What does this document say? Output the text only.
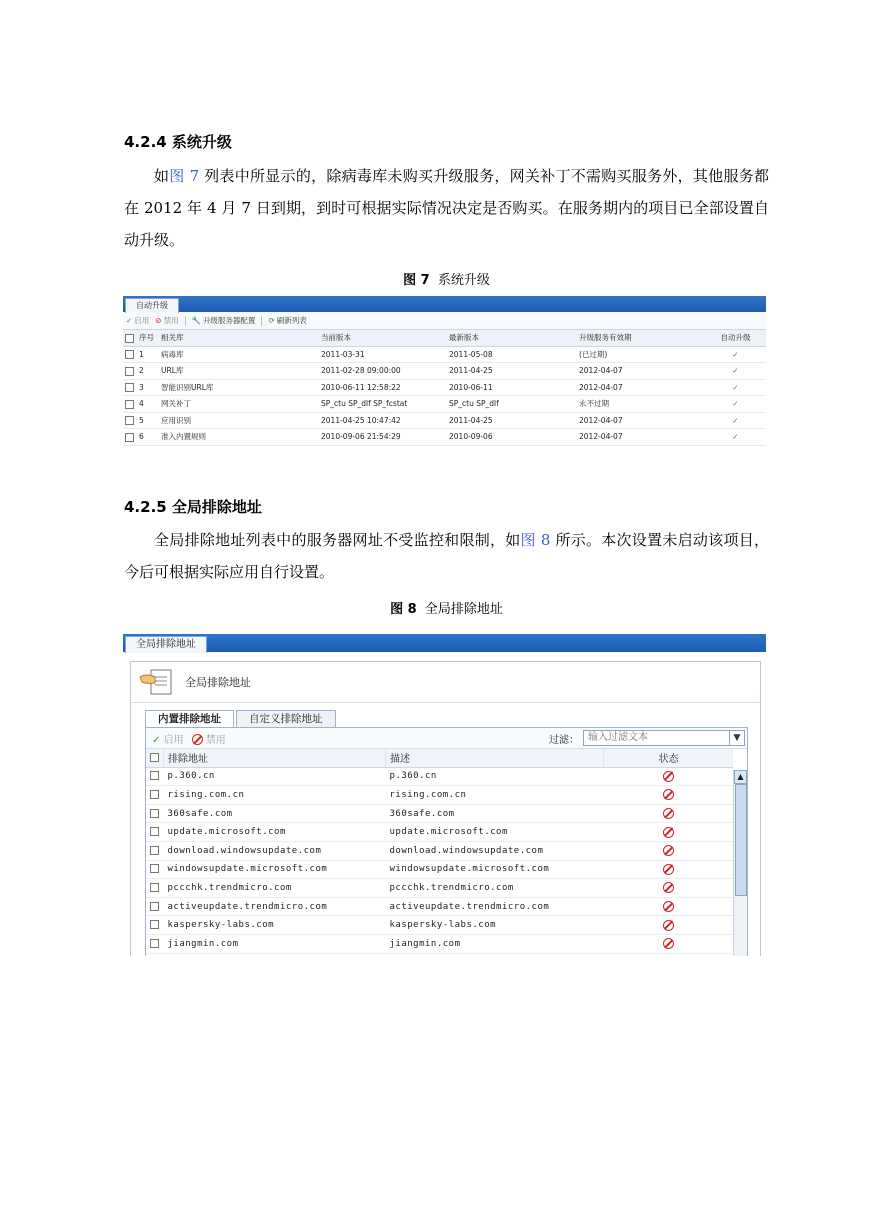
4.2.4 系统升级
如图 7 列表中所显示的，除病毒库未购买升级服务，网关补丁不需购买服务外，其他服务都在 2012 年 4 月 7 日到期，到时可根据实际情况决定是否购买。在服务期内的项目已全部设置自动升级。
图 7 系统升级
自动升级
✓ 启用 ⊘ 禁用 🔧 升级服务器配置 ⟳ 刷新列表
	序号	相关库	当前版本	最新版本	升级服务有效期	自动升级
	1	病毒库	2011-03-31	2011-05-08	(已过期)	✓
	2	URL库	2011-02-28 09:00:00	2011-04-25	2012-04-07	✓
	3	智能识别URL库	2010-06-11 12:58:22	2010-06-11	2012-04-07	✓
	4	网关补丁	SP_ctu SP_dlf SP_fcstat	SP_ctu SP_dlf	永不过期	✓
	5	应用识别	2011-04-25 10:47:42	2011-04-25	2012-04-07	✓
	6	准入内置规则	2010-09-06 21:54:29	2010-09-06	2012-04-07	✓
4.2.5 全局排除地址
全局排除地址列表中的服务器网址不受监控和限制，如图 8 所示。本次设置未启动该项目，今后可根据实际应用自行设置。
图 8 全局排除地址
全局排除地址
全局排除地址
内置排除地址	自定义排除地址
✓ 启用	禁用	过滤： 输入过滤文本	▼
	排除地址	描述	状态
	p.360.cn	p.360.cn	
	rising.com.cn	rising.com.cn	
	360safe.com	360safe.com	
	update.microsoft.com	update.microsoft.com	
	download.windowsupdate.com	download.windowsupdate.com	
	windowsupdate.microsoft.com	windowsupdate.microsoft.com	
	pccchk.trendmicro.com	pccchk.trendmicro.com	
	activeupdate.trendmicro.com	activeupdate.trendmicro.com	
	kaspersky-labs.com	kaspersky-labs.com	
	jiangmin.com	jiangmin.com	
▲
